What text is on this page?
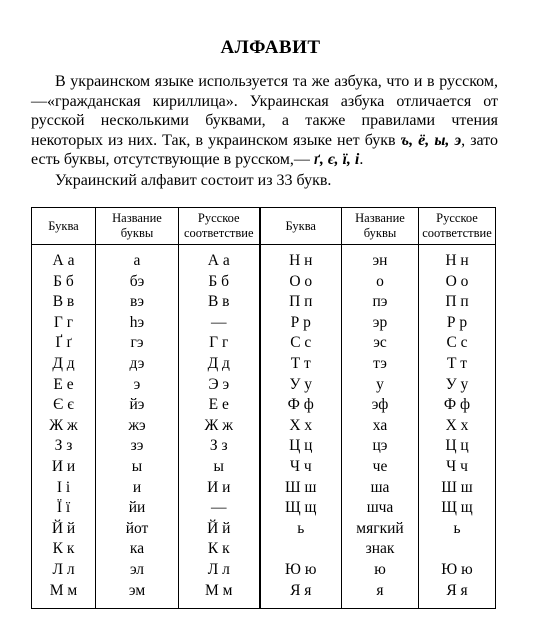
АЛФАВИТ

В украинском языке используется та же азбука, что и в русском,—«гражданская кириллица». Украинская азбука отличается от русской несколькими буквами, а также правилами чтения некоторых из них. Так, в украинском языке нет букв ъ, ё, ы, э, зато есть буквы, отсутствующие в русском,— ґ, є, ї, і.

Украинский алфавит состоит из 33 букв.

Буква	Название буквы	Русское соответствие	Буква	Название буквы	Русское соответствие
А а	а	А а	Н н	эн	Н н
Б б	бэ	Б б	О о	о	О о
В в	вэ	В в	П п	пэ	П п
Г г	hэ	—	Р р	эр	Р р
Ґ ґ	гэ	Г г	С с	эс	С с
Д д	дэ	Д д	Т т	тэ	Т т
Е е	э	Э э	У у	у	У у
Є є	йэ	Е е	Ф ф	эф	Ф ф
Ж ж	жэ	Ж ж	Х х	ха	Х х
З з	зэ	З з	Ц ц	цэ	Ц ц
И и	ы	ы	Ч ч	че	Ч ч
І і	и	И и	Ш ш	ша	Ш ш
Ї ї	йи	—	Щ щ	шча	Щ щ
Й й	йот	Й й	ь	мягкий	ь
К к	ка	К к		знак	
Л л	эл	Л л	Ю ю	ю	Ю ю
М м	эм	М м	Я я	я	Я я
